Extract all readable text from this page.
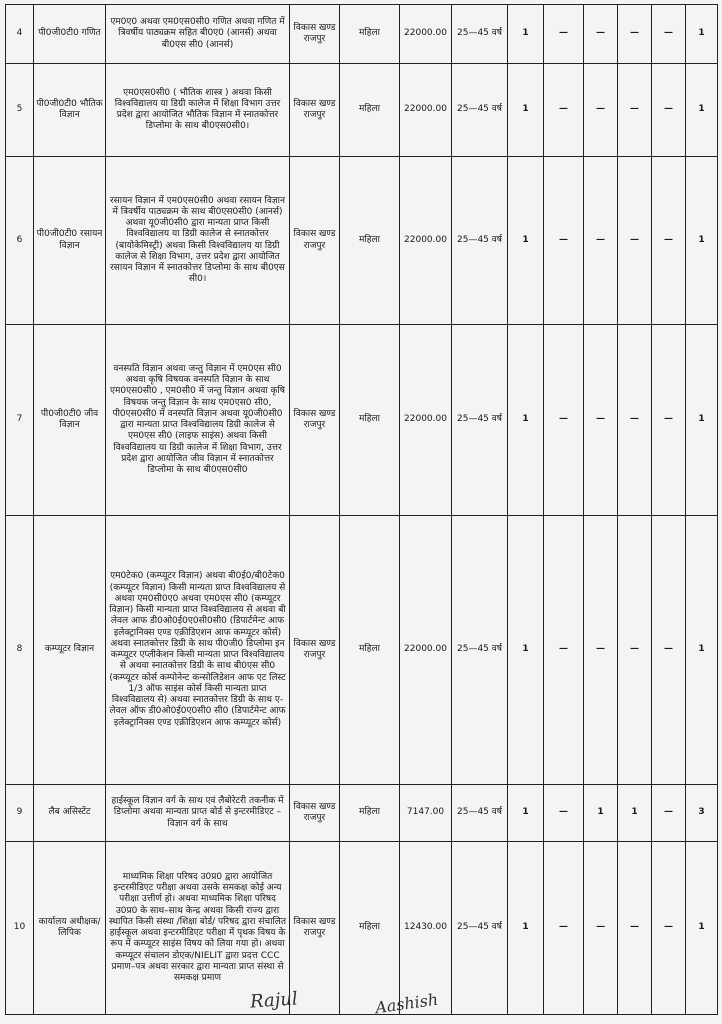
4	पी0जी0टी0 गणित	एम0ए0 अथवा एम0एस0सी0 गणित अथवा गणित में त्रिवर्षीय पाठ्यक्रम सहित बी0ए0 (आनर्स) अथवा बी0एस सी0 (आनर्स)	विकास खण्ड राजपुर	महिला	22000.00	25—45 वर्ष	1	—	—	—	—	1
5	पी0जी0टी0 भौतिक विज्ञान	एम0एस0सी0 ( भौतिक शास्त्र ) अथवा किसी विश्वविद्यालय या डिग्री कालेज में शिक्षा विभाग उत्तर प्रदेश द्वारा आयोजित भौतिक विज्ञान में स्नातकोत्तर डिप्लोमा के साथ बी0एस0सी0।	विकास खण्ड राजपुर	महिला	22000.00	25—45 वर्ष	1	—	—	—	—	1
6	पी0जी0टी0 रसायन विज्ञान	रसायन विज्ञान में एम0एस0सी0 अथवा रसायन विज्ञान में त्रिवर्षीय पाठ्यक्रम के साथ बी0एस0सी0 (आनर्स) अथवा यू0जी0सी0 द्वारा मान्यता प्राप्त किसी विश्वविद्यालय या डिग्री कालेज से स्नातकोत्तर (बायोकेमिस्ट्री) अथवा किसी विश्वविद्यालय या डिग्री कालेज से शिक्षा विभाग, उत्तर प्रदेश द्वारा आयोजित रसायन विज्ञान में स्नातकोत्तर डिप्लोमा के साथ बी0एस सी0।	विकास खण्ड राजपुर	महिला	22000.00	25—45 वर्ष	1	—	—	—	—	1
7	पी0जी0टी0 जीव विज्ञान	वनस्पति विज्ञान अथवा जन्तु विज्ञान में एम0एस सी0 अथवा कृषि विषयक वनस्पति विज्ञान के साथ एम0एस0सी0 , एम0सी0 में जन्तु विज्ञान अथवा कृषि विषयक जन्तु विज्ञान के साथ एम0एस0 सी0, पी0एस0सी0 में वनस्पति विज्ञान अथवा यू0जी0सी0 द्वारा मान्यता प्राप्त विश्वविद्यालय डिग्री कालेज से एम0एस सी0 (लाइफ साइंस) अथवा किसी विश्वविद्यालय या डिग्री कालेज में शिक्षा विभाग, उत्तर प्रदेश द्वारा आयोजित जीव विज्ञान में स्नातकोत्तर डिप्लोमा के साथ बी0एस0सी0	विकास खण्ड राजपुर	महिला	22000.00	25—45 वर्ष	1	—	—	—	—	1
8	कम्प्यूटर विज्ञान	एम0टेक0 (कम्प्यूटर विज्ञान) अथवा बी0ई0/बी0टेक0 (कम्प्यूटर विज्ञान) किसी मान्यता प्राप्त विश्वविद्यालय से अथवा एम0सी0ए0 अथवा एम0एस सी0 (कम्प्यूटर विज्ञान) किसी मान्यता प्राप्त विश्वविद्यालय से अथवा बी लेवल आफ डी0ओ0ई0ए0सी0सी0 (डिपार्टमेन्ट आफ इलेक्ट्रानिक्स एण्ड एक्रीडिएशन आफ कम्प्यूटर कोर्स) अथवा स्नातकोत्तर डिग्री के साथ पी0जी0 डिप्लोमा इन कम्प्यूटर एप्लीकेशन किसी मान्यता प्राप्त विश्वविद्यालय से अथवा स्नातकोत्तर डिग्री के साथ बी0एस सी0 (कम्प्यूटर कोर्स कम्पोनेन्ट कन्सोलिडेशन आफ एट लिस्ट 1/3 ऑफ साइंस कोर्स किसी मान्यता प्राप्त विश्वविद्यालय से) अथवा स्नातकोत्तर डिग्री के साथ ए-लेवल ऑफ डी0ओ0ई0ए0सी0 सी0 (डिपार्टमेन्ट आफ इलेक्ट्रानिक्स एण्ड एक्रीडिएशन आफ कम्प्यूटर कोर्स)	विकास खण्ड राजपुर	महिला	22000.00	25—45 वर्ष	1	—	—	—	—	1
9	लैब असिस्टेंट	हाईस्कूल विज्ञान वर्ग के साथ एवं लैबोरेटरी तकनीक में डिप्लोमा अथवा मान्यता प्राप्त बोर्ड से इन्टरमीडिएट – विज्ञान वर्ग के साथ	विकास खण्ड राजपुर	महिला	7147.00	25—45 वर्ष	1	—	1	1	—	3
10	कार्यालय अधीक्षक/ लिपिक	माध्यमिक शिक्षा परिषद उ0प्र0 द्वारा आयोजित इन्टरमीडिएट परीक्षा अथवा उसके समकक्ष कोई अन्य परीक्षा उत्तीर्ण हो। अथवा माध्यमिक शिक्षा परिषद उ0प्र0 के साथ–साथ केन्द्र अथवा किसी राज्य द्वारा स्थापित किसी संस्था /शिक्षा बोर्ड/ परिषद द्वारा संचालित हाईस्कूल अथवा इन्टरमीडिएट परीक्षा में पृथक विषय के रूप में कम्प्यूटर साइंस विषय को लिया गया हो। अथवा कम्प्यूटर संचालन डोएक/NIELIT द्वारा प्रदत्त CCC प्रमाण–पत्र अथवा सरकार द्वारा मान्यता प्राप्त संस्था से समकक्ष प्रमाण	विकास खण्ड राजपुर	महिला	12430.00	25—45 वर्ष	1	—	—	—	—	1
Rajul	Aashish
